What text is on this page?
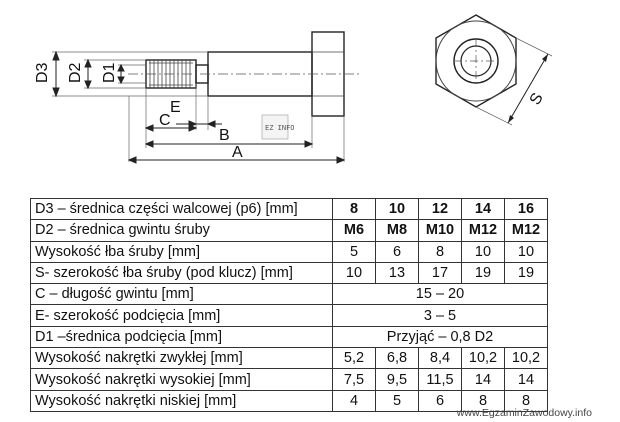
D3 D2 D1
E
C
B
A
EZ INFO
S
D3 – średnica części walcowej (p6) [mm]	8	10	12	14	16
D2 – średnica gwintu śruby	M6	M8	M10	M12	M12
Wysokość łba śruby [mm]	5	6	8	10	10
S- szerokość łba śruby (pod klucz) [mm]	10	13	17	19	19
C – długość gwintu [mm]	15 – 20				
E- szerokość podcięcia [mm]	3 – 5				
D1 –średnica podcięcia [mm]	Przyjąć – 0,8 D2				
Wysokość nakrętki zwykłej [mm]	5,2	6,8	8,4	10,2	10,2
Wysokość nakrętki wysokiej [mm]	7,5	9,5	11,5	14	14
Wysokość nakrętki niskiej [mm]	4	5	6	8	8
www.EgzaminZawodowy.info
